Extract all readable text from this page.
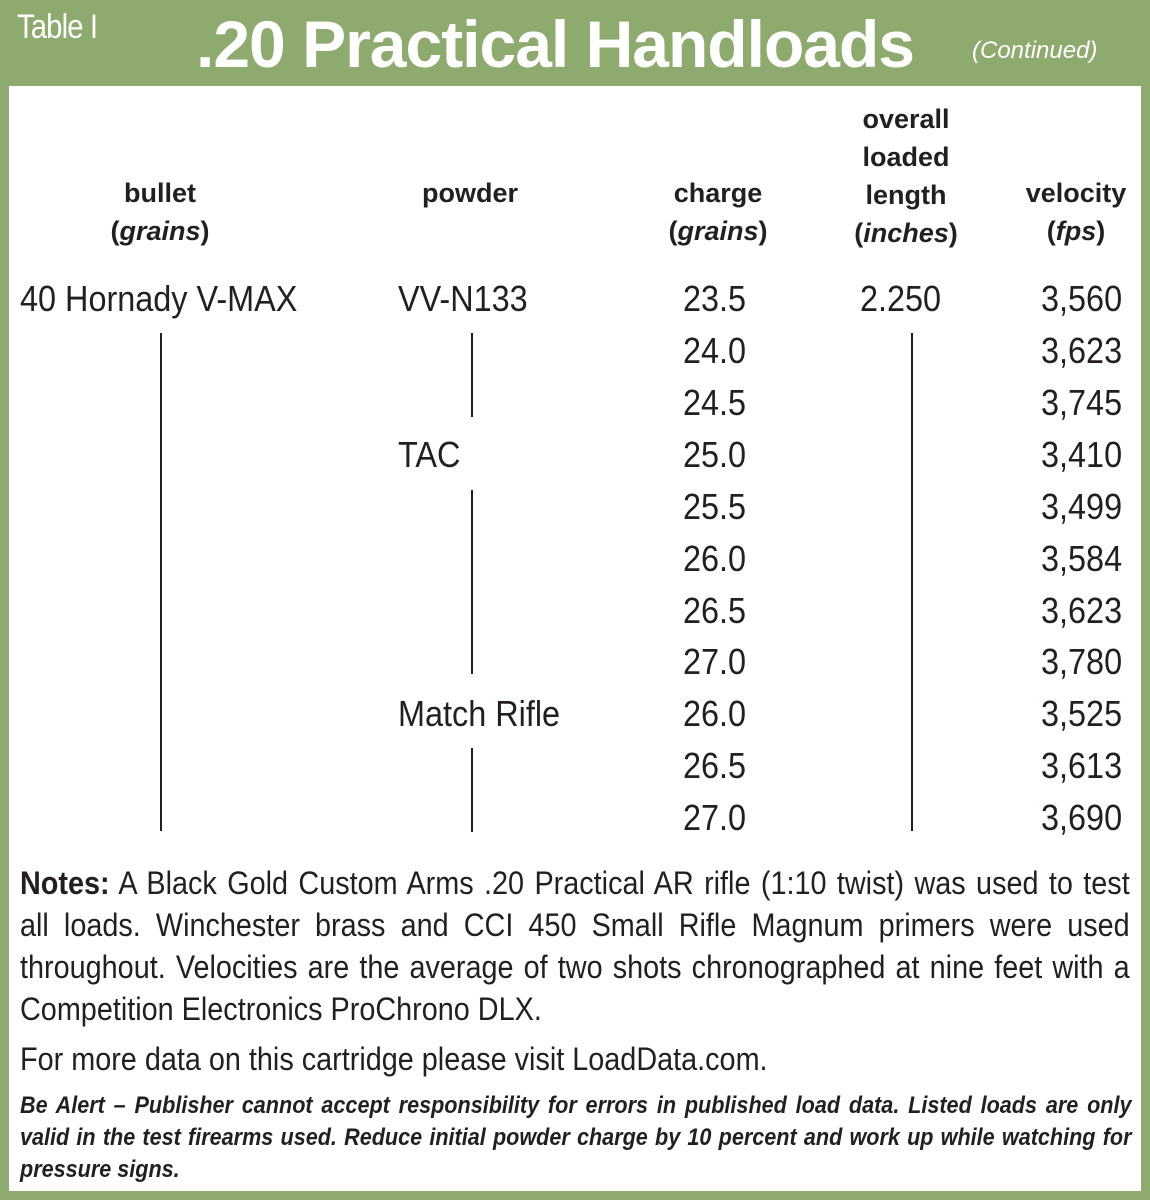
Table I .20 Practical Handloads (Continued)
bullet
(grains)
powder	charge
(grains)
overall
loaded
length
(inches)
velocity
(fps)
40 Hornady V-MAX	VV-N133
TAC
Match Rifle
2.250
23.5
24.0
24.5
25.0
25.5
26.0
26.5
27.0
26.0
26.5
27.0
3,560
3,623
3,745
3,410
3,499
3,584
3,623
3,780
3,525
3,613
3,690
Notes: A Black Gold Custom Arms .20 Practical AR rifle (1:10 twist) was used to test all loads. Winchester brass and CCI 450 Small Rifle Magnum primers were used throughout. Velocities are the average of two shots chronographed at nine feet with a Competition Electronics ProChrono DLX.
For more data on this cartridge please visit LoadData.com.
Be Alert – Publisher cannot accept responsibility for errors in published load data. Listed loads are only valid in the test firearms used. Reduce initial powder charge by 10 percent and work up while watching for pressure signs.
